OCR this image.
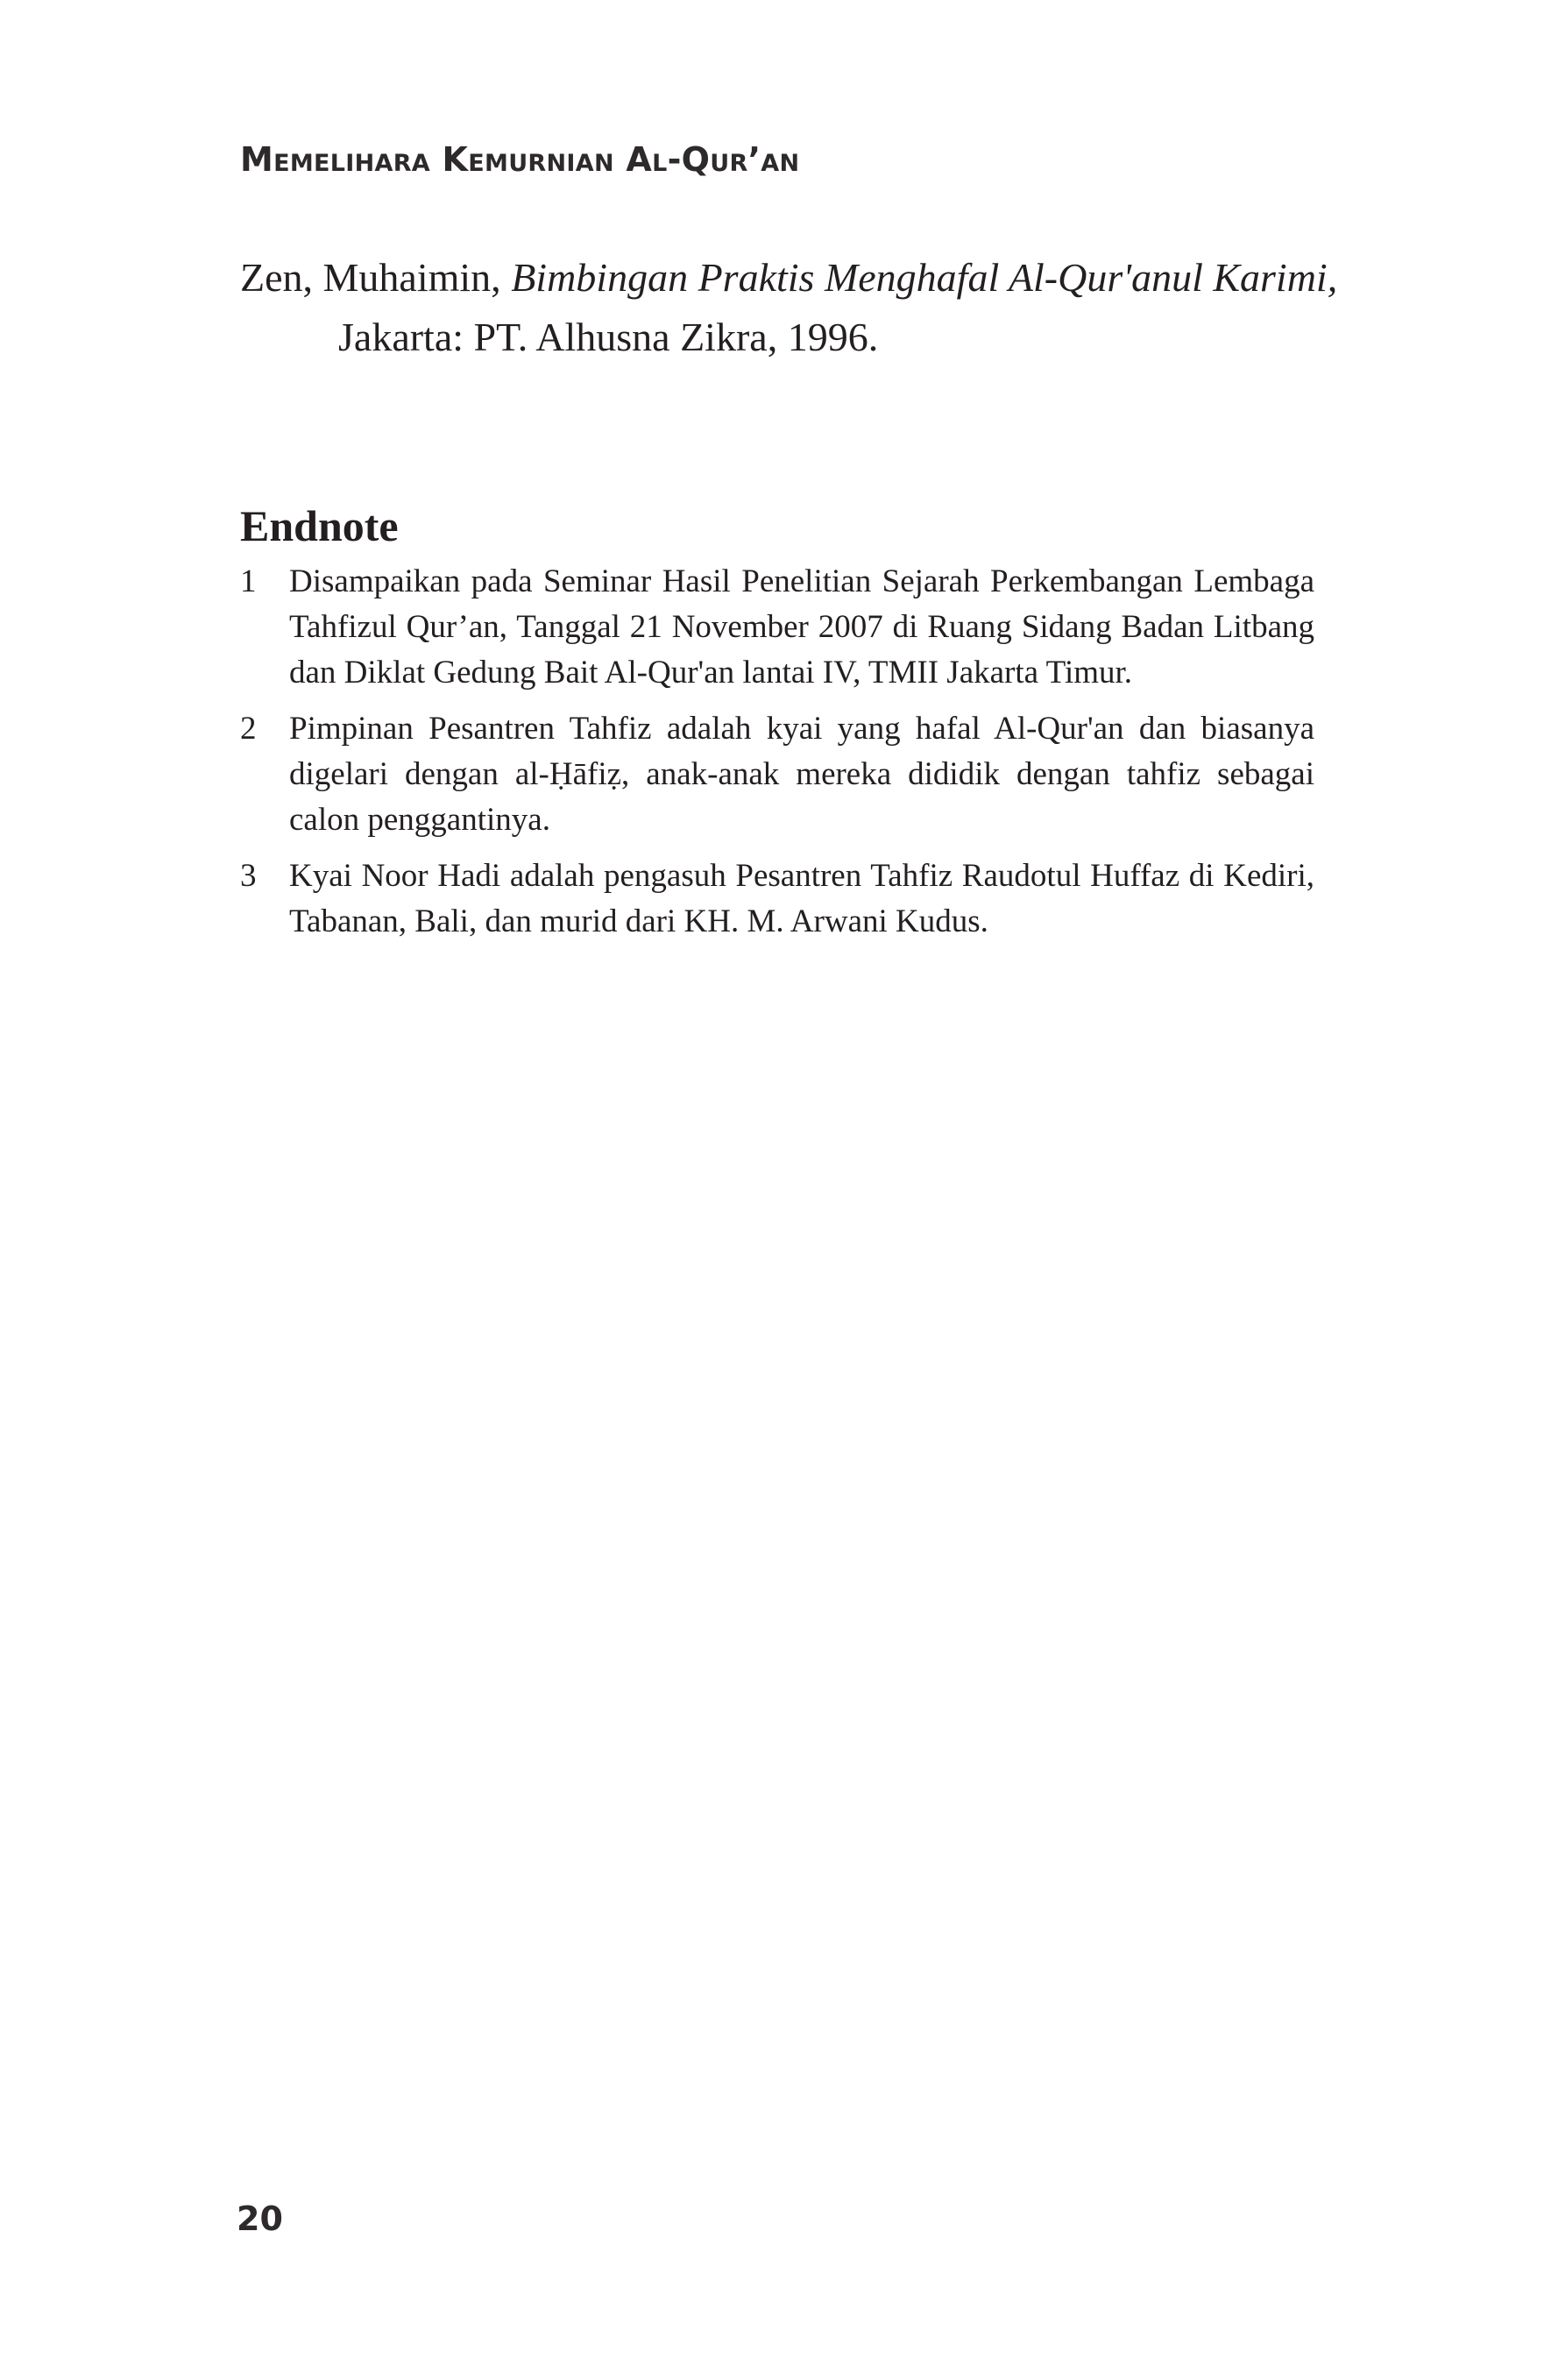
Memelihara Kemurnian Al-Qur’an
Zen, Muhaimin, Bimbingan Praktis Menghafal Al-Qur'anul Karimi, Jakarta: PT. Alhusna Zikra, 1996.
Endnote
1	Disampaikan pada Seminar Hasil Penelitian Sejarah Perkembangan Lembaga Tahfizul Qur’an, Tanggal 21 November 2007 di Ruang Sidang Badan Litbang dan Diklat Gedung Bait Al-Qur'an lantai IV, TMII Jakarta Timur.
2	Pimpinan Pesantren Tahfiz adalah kyai yang hafal Al-Qur'an dan biasanya digelari dengan al-Ḥāfiẓ, anak-anak mereka dididik dengan tahfiz sebagai calon penggantinya.
3	Kyai Noor Hadi adalah pengasuh Pesantren Tahfiz Raudotul Huffaz di Kediri, Tabanan, Bali, dan murid dari KH. M. Arwani Kudus.
20
